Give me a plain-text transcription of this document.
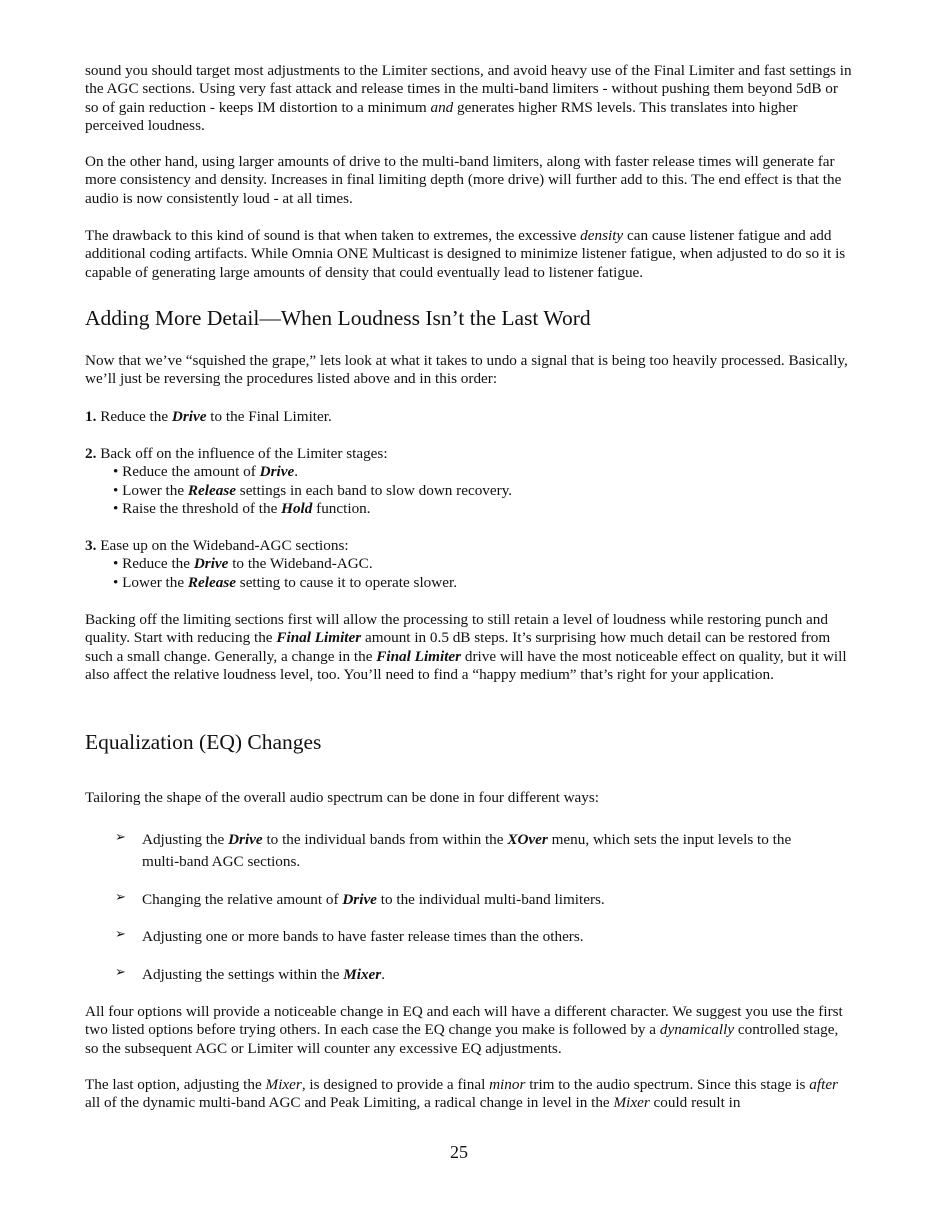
sound you should target most adjustments to the Limiter sections, and avoid heavy use of the Final Limiter and fast settings in the AGC sections. Using very fast attack and release times in the multi-band limiters - without pushing them beyond 5dB or so of gain reduction - keeps IM distortion to a minimum and generates higher RMS levels. This translates into higher perceived loudness.

On the other hand, using larger amounts of drive to the multi-band limiters, along with faster release times will generate far more consistency and density. Increases in final limiting depth (more drive) will further add to this. The end effect is that the audio is now consistently loud - at all times.

The drawback to this kind of sound is that when taken to extremes, the excessive density can cause listener fatigue and add additional coding artifacts. While Omnia ONE Multicast is designed to minimize listener fatigue, when adjusted to do so it is capable of generating large amounts of density that could eventually lead to listener fatigue.

Adding More Detail—When Loudness Isn’t the Last Word

Now that we’ve “squished the grape,” lets look at what it takes to undo a signal that is being too heavily processed. Basically, we’ll just be reversing the procedures listed above and in this order:

1. Reduce the Drive to the Final Limiter.
2. Back off on the influence of the Limiter stages:
• Reduce the amount of Drive.
• Lower the Release settings in each band to slow down recovery.
• Raise the threshold of the Hold function.
3. Ease up on the Wideband-AGC sections:
• Reduce the Drive to the Wideband-AGC.
• Lower the Release setting to cause it to operate slower.

Backing off the limiting sections first will allow the processing to still retain a level of loudness while restoring punch and quality. Start with reducing the Final Limiter amount in 0.5 dB steps. It’s surprising how much detail can be restored from such a small change. Generally, a change in the Final Limiter drive will have the most noticeable effect on quality, but it will also affect the relative loudness level, too. You’ll need to find a “happy medium” that’s right for your application.

Equalization (EQ) Changes

Tailoring the shape of the overall audio spectrum can be done in four different ways:

➢ Adjusting the Drive to the individual bands from within the XOver menu, which sets the input levels to the multi-band AGC sections.
➢ Changing the relative amount of Drive to the individual multi-band limiters.
➢ Adjusting one or more bands to have faster release times than the others.
➢ Adjusting the settings within the Mixer.

All four options will provide a noticeable change in EQ and each will have a different character. We suggest you use the first two listed options before trying others. In each case the EQ change you make is followed by a dynamically controlled stage, so the subsequent AGC or Limiter will counter any excessive EQ adjustments.

The last option, adjusting the Mixer, is designed to provide a final minor trim to the audio spectrum. Since this stage is after all of the dynamic multi-band AGC and Peak Limiting, a radical change in level in the Mixer could result in

25
